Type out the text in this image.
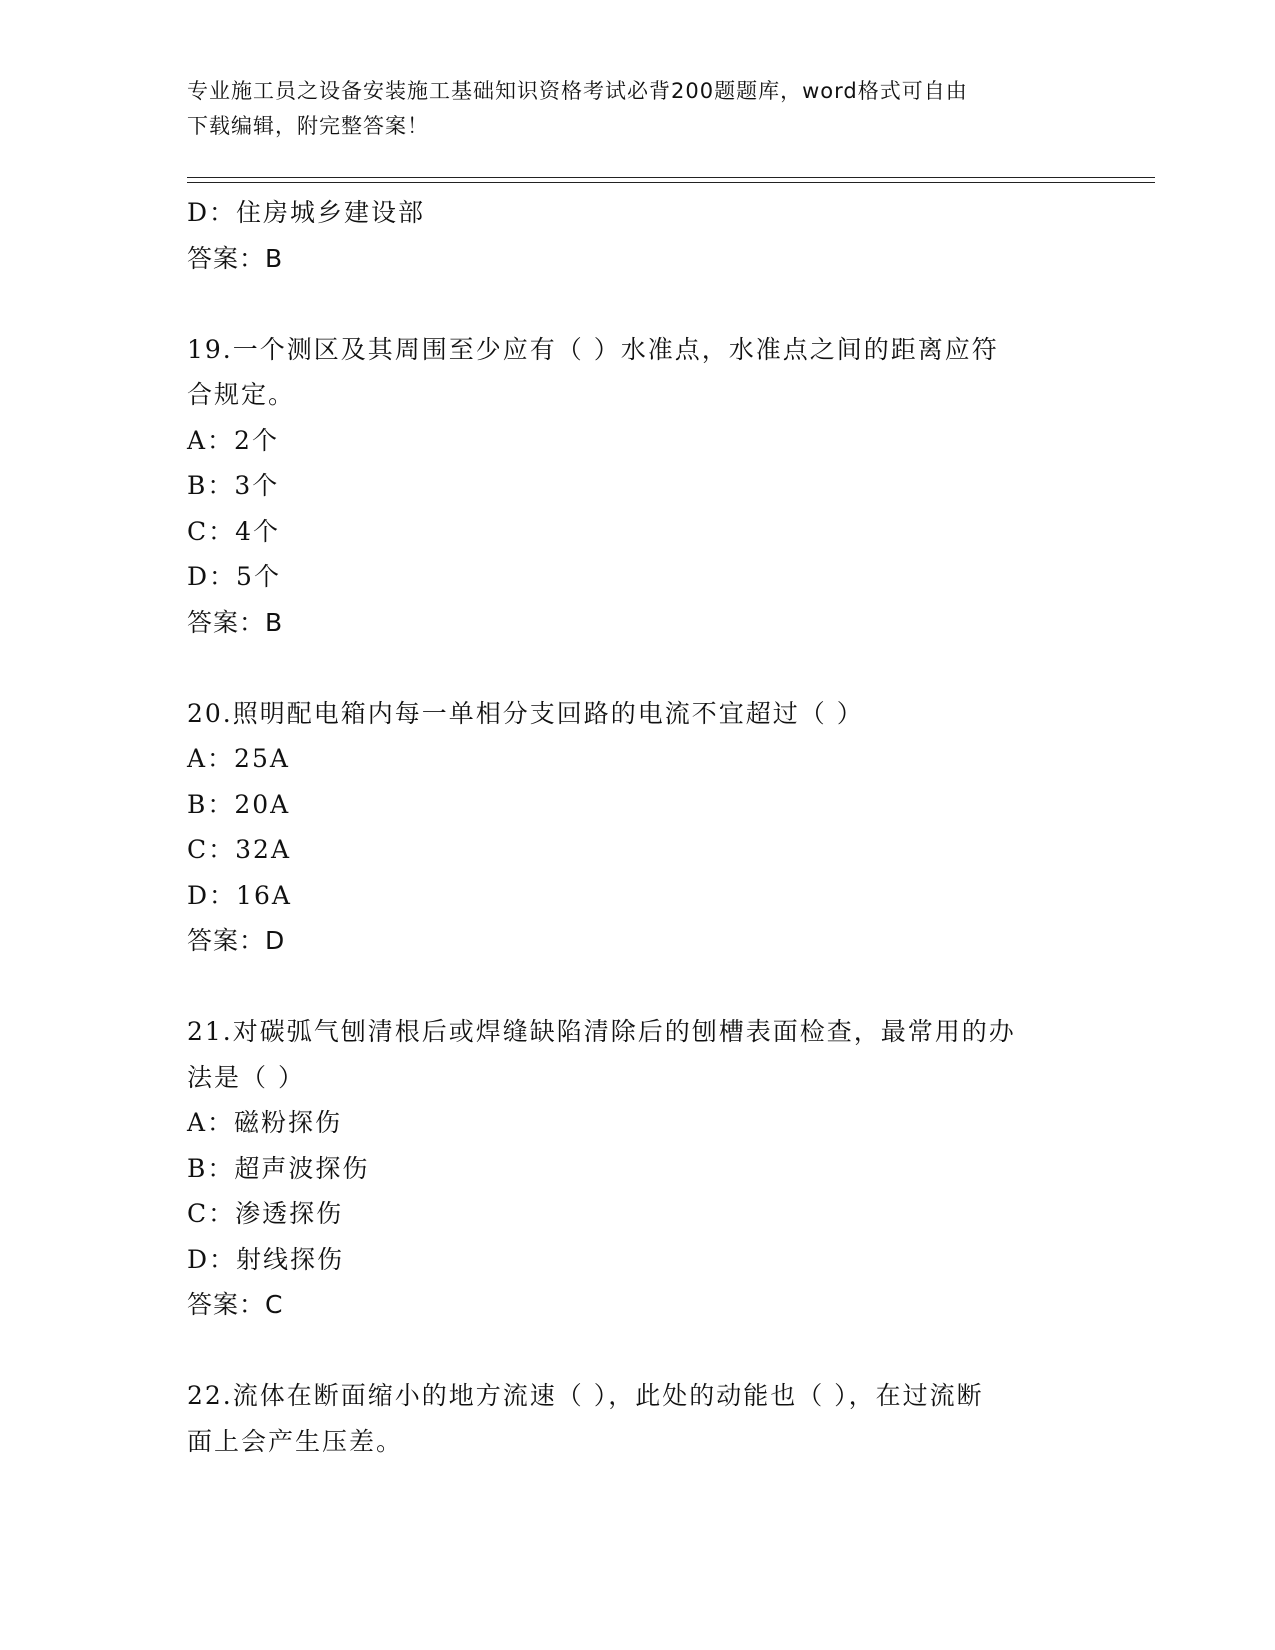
专业施工员之设备安装施工基础知识资格考试必背200题题库，word格式可自由
下载编辑，附完整答案！
D：住房城乡建设部
答案：B
19.一个测区及其周围至少应有（ ）水准点，水准点之间的距离应符
合规定。
A：2个
B：3个
C：4个
D：5个
答案：B
20.照明配电箱内每一单相分支回路的电流不宜超过（ ）
A：25A
B：20A
C：32A
D：16A
答案：D
21.对碳弧气刨清根后或焊缝缺陷清除后的刨槽表面检查，最常用的办
法是（ ）
A：磁粉探伤
B：超声波探伤
C：渗透探伤
D：射线探伤
答案：C
22.流体在断面缩小的地方流速（ ），此处的动能也（ ），在过流断
面上会产生压差。
